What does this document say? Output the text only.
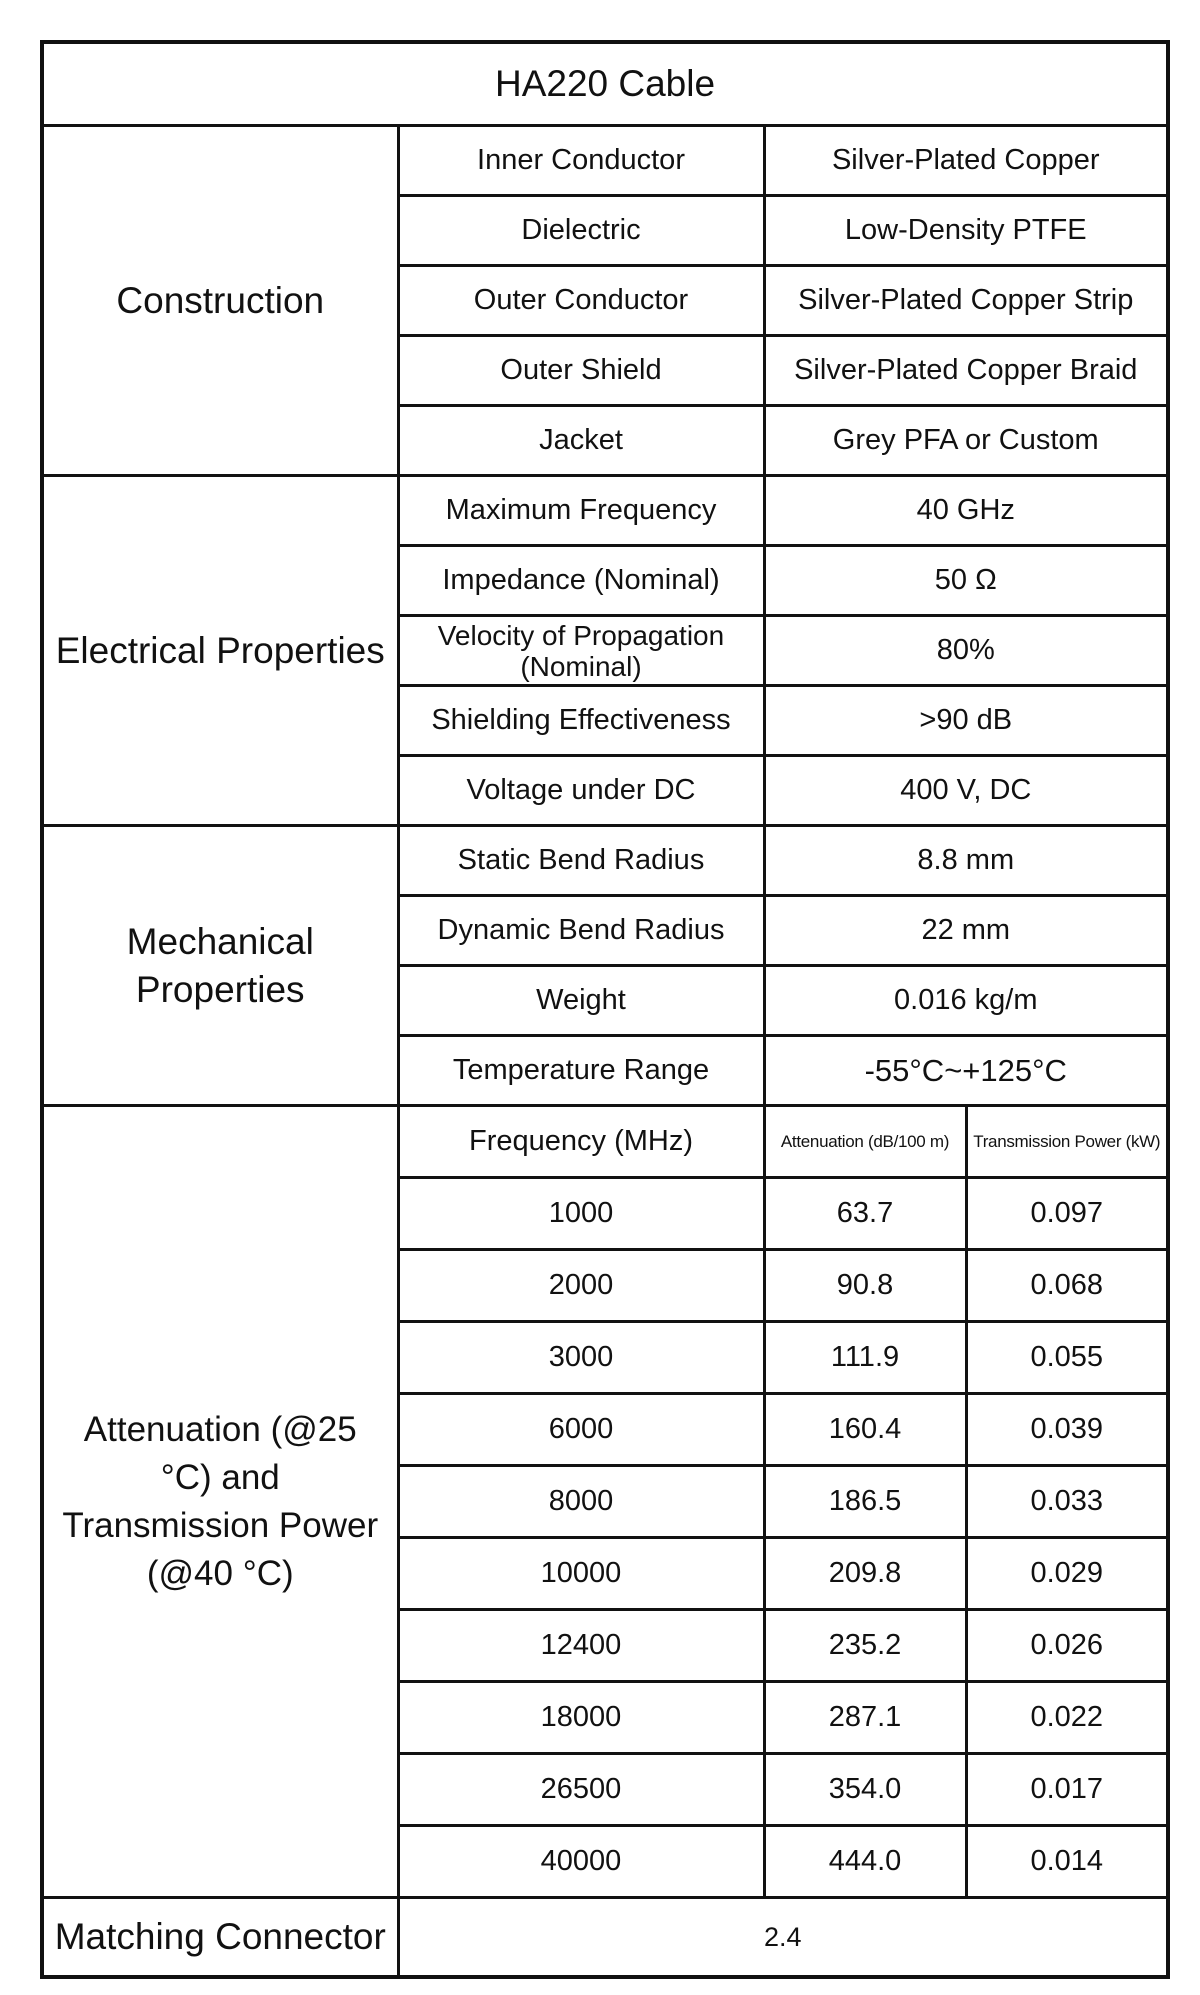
HA220 Cable			
Construction	Inner Conductor	Silver-Plated Copper	
	Dielectric	Low-Density PTFE	
	Outer Conductor	Silver-Plated Copper Strip	
	Outer Shield	Silver-Plated Copper Braid	
	Jacket	Grey PFA or Custom	
Electrical Properties	Maximum Frequency	40 GHz	
	Impedance (Nominal)	50 Ω	
	Velocity of Propagation (Nominal)	80%	
	Shielding Effectiveness	>90 dB	
	Voltage under DC	400 V, DC	
Mechanical Properties	Static Bend Radius	8.8 mm	
	Dynamic Bend Radius	22 mm	
	Weight	0.016 kg/m	
	Temperature Range	-55°C~+125°C	
Attenuation (@25 °C) and Transmission Power (@40 °C)	Frequency (MHz)	Attenuation (dB/100 m)	Transmission Power (kW)
	1000	63.7	0.097
	2000	90.8	0.068
	3000	111.9	0.055
	6000	160.4	0.039
	8000	186.5	0.033
	10000	209.8	0.029
	12400	235.2	0.026
	18000	287.1	0.022
	26500	354.0	0.017
	40000	444.0	0.014
Matching Connector	2.4		
